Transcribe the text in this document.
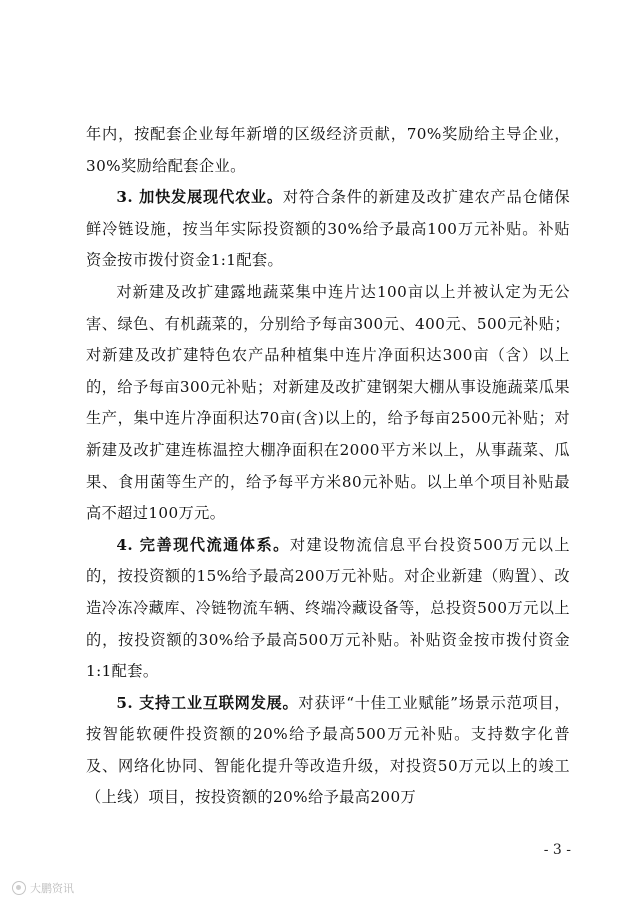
年内，按配套企业每年新增的区级经济贡献，70%奖励给主导企业，30%奖励给配套企业。

3. 加快发展现代农业。对符合条件的新建及改扩建农产品仓储保鲜冷链设施，按当年实际投资额的30%给予最高100万元补贴。补贴资金按市拨付资金1:1配套。

对新建及改扩建露地蔬菜集中连片达100亩以上并被认定为无公害、绿色、有机蔬菜的，分别给予每亩300元、400元、500元补贴；对新建及改扩建特色农产品种植集中连片净面积达300亩（含）以上的，给予每亩300元补贴；对新建及改扩建钢架大棚从事设施蔬菜瓜果生产，集中连片净面积达70亩(含)以上的，给予每亩2500元补贴；对新建及改扩建连栋温控大棚净面积在2000平方米以上，从事蔬菜、瓜果、食用菌等生产的，给予每平方米80元补贴。以上单个项目补贴最高不超过100万元。

4. 完善现代流通体系。对建设物流信息平台投资500万元以上的，按投资额的15%给予最高200万元补贴。对企业新建（购置）、改造冷冻冷藏库、冷链物流车辆、终端冷藏设备等，总投资500万元以上的，按投资额的30%给予最高500万元补贴。补贴资金按市拨付资金1:1配套。

5. 支持工业互联网发展。对获评“十佳工业赋能”场景示范项目，按智能软硬件投资额的20%给予最高500万元补贴。支持数字化普及、网络化协同、智能化提升等改造升级，对投资50万元以上的竣工（上线）项目，按投资额的20%给予最高200万

- 3 -
大鹏资讯
